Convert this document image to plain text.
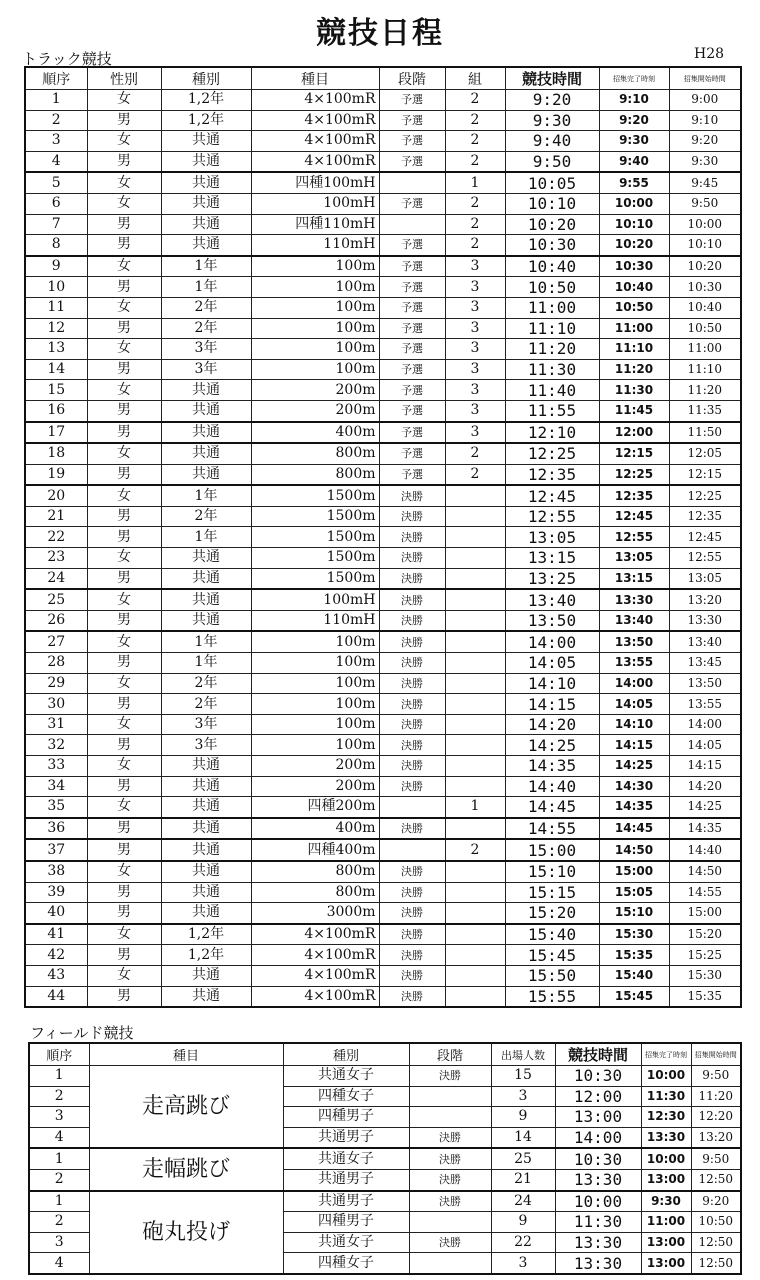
競技日程
トラック競技	H28
順序	性別	種別	種目	段階	組	競技時間	招集完了時刻	招集開始時間
1	女	1,2年	4×100mR	予選	2	9:20	9:10	9:00
2	男	1,2年	4×100mR	予選	2	9:30	9:20	9:10
3	女	共通	4×100mR	予選	2	9:40	9:30	9:20
4	男	共通	4×100mR	予選	2	9:50	9:40	9:30
5	女	共通	四種100mH		1	10:05	9:55	9:45
6	女	共通	100mH	予選	2	10:10	10:00	9:50
7	男	共通	四種110mH		2	10:20	10:10	10:00
8	男	共通	110mH	予選	2	10:30	10:20	10:10
9	女	1年	100m	予選	3	10:40	10:30	10:20
10	男	1年	100m	予選	3	10:50	10:40	10:30
11	女	2年	100m	予選	3	11:00	10:50	10:40
12	男	2年	100m	予選	3	11:10	11:00	10:50
13	女	3年	100m	予選	3	11:20	11:10	11:00
14	男	3年	100m	予選	3	11:30	11:20	11:10
15	女	共通	200m	予選	3	11:40	11:30	11:20
16	男	共通	200m	予選	3	11:55	11:45	11:35
17	男	共通	400m	予選	3	12:10	12:00	11:50
18	女	共通	800m	予選	2	12:25	12:15	12:05
19	男	共通	800m	予選	2	12:35	12:25	12:15
20	女	1年	1500m	決勝		12:45	12:35	12:25
21	男	2年	1500m	決勝		12:55	12:45	12:35
22	男	1年	1500m	決勝		13:05	12:55	12:45
23	女	共通	1500m	決勝		13:15	13:05	12:55
24	男	共通	1500m	決勝		13:25	13:15	13:05
25	女	共通	100mH	決勝		13:40	13:30	13:20
26	男	共通	110mH	決勝		13:50	13:40	13:30
27	女	1年	100m	決勝		14:00	13:50	13:40
28	男	1年	100m	決勝		14:05	13:55	13:45
29	女	2年	100m	決勝		14:10	14:00	13:50
30	男	2年	100m	決勝		14:15	14:05	13:55
31	女	3年	100m	決勝		14:20	14:10	14:00
32	男	3年	100m	決勝		14:25	14:15	14:05
33	女	共通	200m	決勝		14:35	14:25	14:15
34	男	共通	200m	決勝		14:40	14:30	14:20
35	女	共通	四種200m		1	14:45	14:35	14:25
36	男	共通	400m	決勝		14:55	14:45	14:35
37	男	共通	四種400m		2	15:00	14:50	14:40
38	女	共通	800m	決勝		15:10	15:00	14:50
39	男	共通	800m	決勝		15:15	15:05	14:55
40	男	共通	3000m	決勝		15:20	15:10	15:00
41	女	1,2年	4×100mR	決勝		15:40	15:30	15:20
42	男	1,2年	4×100mR	決勝		15:45	15:35	15:25
43	女	共通	4×100mR	決勝		15:50	15:40	15:30
44	男	共通	4×100mR	決勝		15:55	15:45	15:35
フィールド競技
順序	種目	種別	段階	出場人数	競技時間	招集完了時刻	招集開始時間
1	走高跳び	共通女子	決勝	15	10:30	10:00	9:50
2		四種女子		3	12:00	11:30	11:20
3		四種男子		9	13:00	12:30	12:20
4		共通男子	決勝	14	14:00	13:30	13:20
1	走幅跳び	共通女子	決勝	25	10:30	10:00	9:50
2		共通男子	決勝	21	13:30	13:00	12:50
1	砲丸投げ	共通男子	決勝	24	10:00	9:30	9:20
2		四種男子		9	11:30	11:00	10:50
3		共通女子	決勝	22	13:30	13:00	12:50
4		四種女子		3	13:30	13:00	12:50
